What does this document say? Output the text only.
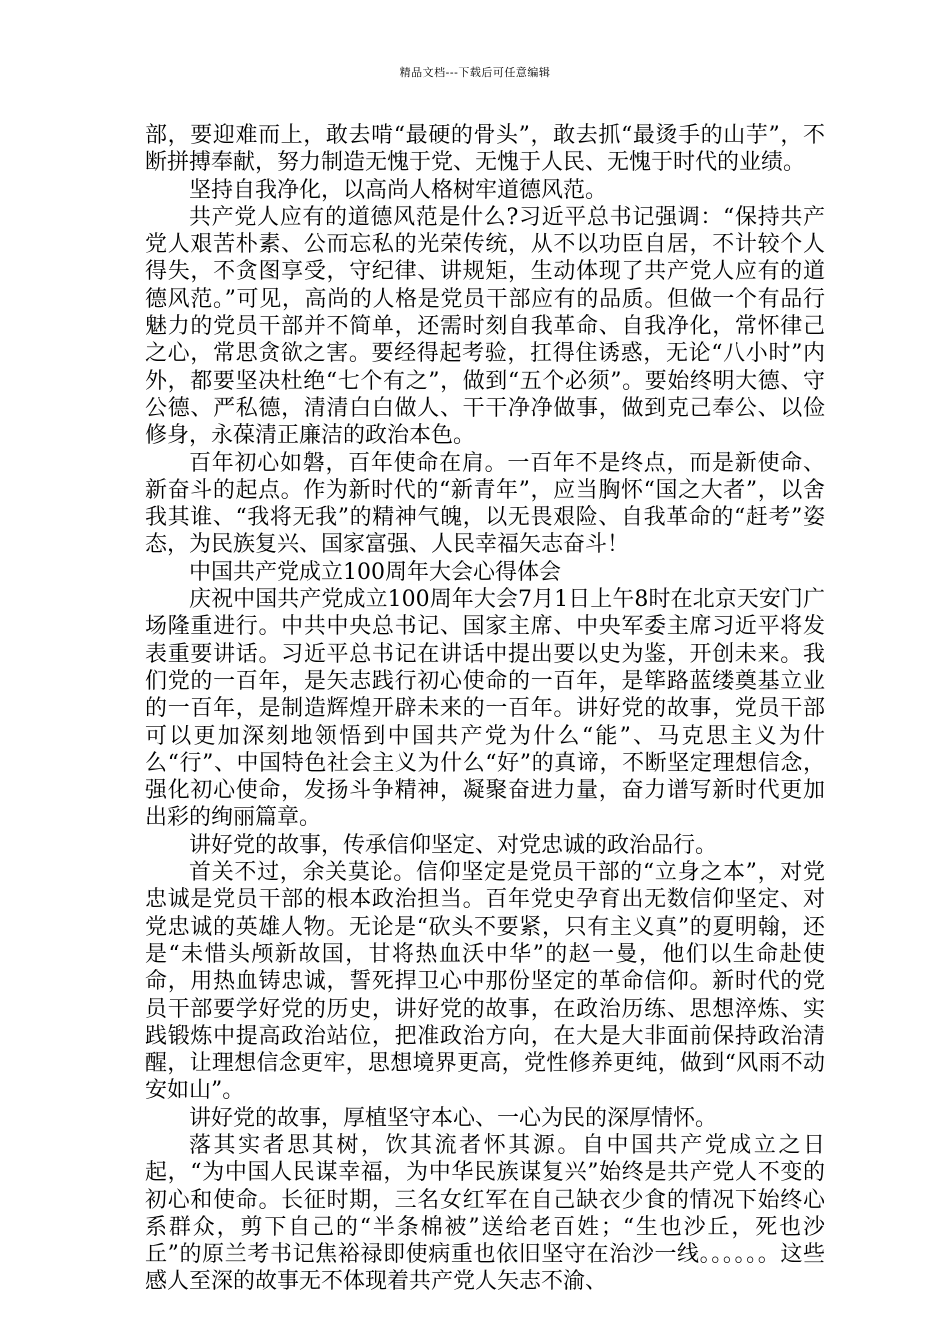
精品文档---下载后可任意编辑

部，要迎难而上，敢去啃“最硬的骨头”，敢去抓“最烫手的山芋”，不断拼搏奉献，努力制造无愧于党、无愧于人民、无愧于时代的业绩。

坚持自我净化，以高尚人格树牢道德风范。

共产党人应有的道德风范是什么?习近平总书记强调：“保持共产党人艰苦朴素、公而忘私的光荣传统，从不以功臣自居，不计较个人得失，不贪图享受，守纪律、讲规矩，生动体现了共产党人应有的道德风范。”可见，高尚的人格是党员干部应有的品质。但做一个有品行魅力的党员干部并不简单，还需时刻自我革命、自我净化，常怀律己之心，常思贪欲之害。要经得起考验，扛得住诱惑，无论“八小时”内外，都要坚决杜绝“七个有之”，做到“五个必须”。要始终明大德、守公德、严私德，清清白白做人、干干净净做事，做到克己奉公、以俭修身，永葆清正廉洁的政治本色。

百年初心如磐，百年使命在肩。一百年不是终点，而是新使命、新奋斗的起点。作为新时代的“新青年”，应当胸怀“国之大者”，以舍我其谁、“我将无我”的精神气魄，以无畏艰险、自我革命的“赶考”姿态，为民族复兴、国家富强、人民幸福矢志奋斗！

中国共产党成立100周年大会心得体会

庆祝中国共产党成立100周年大会7月1日上午8时在北京天安门广场隆重进行。中共中央总书记、国家主席、中央军委主席习近平将发表重要讲话。习近平总书记在讲话中提出要以史为鉴，开创未来。我们党的一百年，是矢志践行初心使命的一百年，是筚路蓝缕奠基立业的一百年，是制造辉煌开辟未来的一百年。讲好党的故事，党员干部可以更加深刻地领悟到中国共产党为什么“能”、马克思主义为什么“行”、中国特色社会主义为什么“好”的真谛，不断坚定理想信念，强化初心使命，发扬斗争精神，凝聚奋进力量，奋力谱写新时代更加出彩的绚丽篇章。

讲好党的故事，传承信仰坚定、对党忠诚的政治品行。

首关不过，余关莫论。信仰坚定是党员干部的“立身之本”，对党忠诚是党员干部的根本政治担当。百年党史孕育出无数信仰坚定、对党忠诚的英雄人物。无论是“砍头不要紧，只有主义真”的夏明翰，还是“未惜头颅新故国，甘将热血沃中华”的赵一曼，他们以生命赴使命，用热血铸忠诚，誓死捍卫心中那份坚定的革命信仰。新时代的党员干部要学好党的历史，讲好党的故事，在政治历练、思想淬炼、实践锻炼中提高政治站位，把准政治方向，在大是大非面前保持政治清醒，让理想信念更牢，思想境界更高，党性修养更纯，做到“风雨不动安如山”。

讲好党的故事，厚植坚守本心、一心为民的深厚情怀。

落其实者思其树，饮其流者怀其源。自中国共产党成立之日起，“为中国人民谋幸福，为中华民族谋复兴”始终是共产党人不变的初心和使命。长征时期，三名女红军在自己缺衣少食的情况下始终心系群众，剪下自己的“半条棉被”送给老百姓；“生也沙丘，死也沙丘”的原兰考书记焦裕禄即使病重也依旧坚守在治沙一线。。。。。。这些感人至深的故事无不体现着共产党人矢志不渝、
